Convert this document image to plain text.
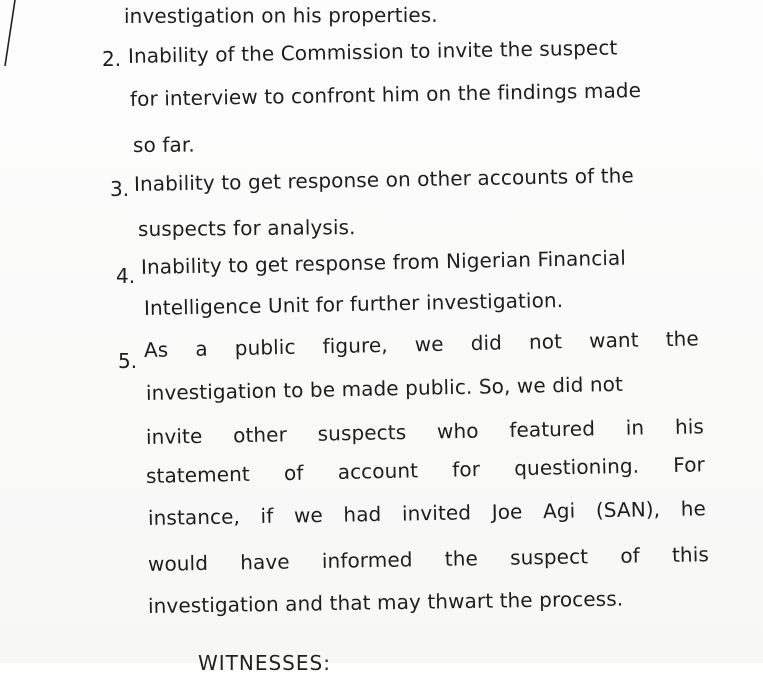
investigation on his properties.
2. Inability of the Commission to invite the suspect
for interview to confront him on the findings made
so far.
3. Inability to get response on other accounts of the
suspects for analysis.
4. Inability to get response from Nigerian Financial
Intelligence Unit for further investigation.
5. As a public figure, we did not want the
investigation to be made public. So, we did not
invite other suspects who featured in his
statement of account for questioning. For
instance, if we had invited Joe Agi (SAN), he
would have informed the suspect of this
investigation and that may thwart the process.
WITNESSES:
